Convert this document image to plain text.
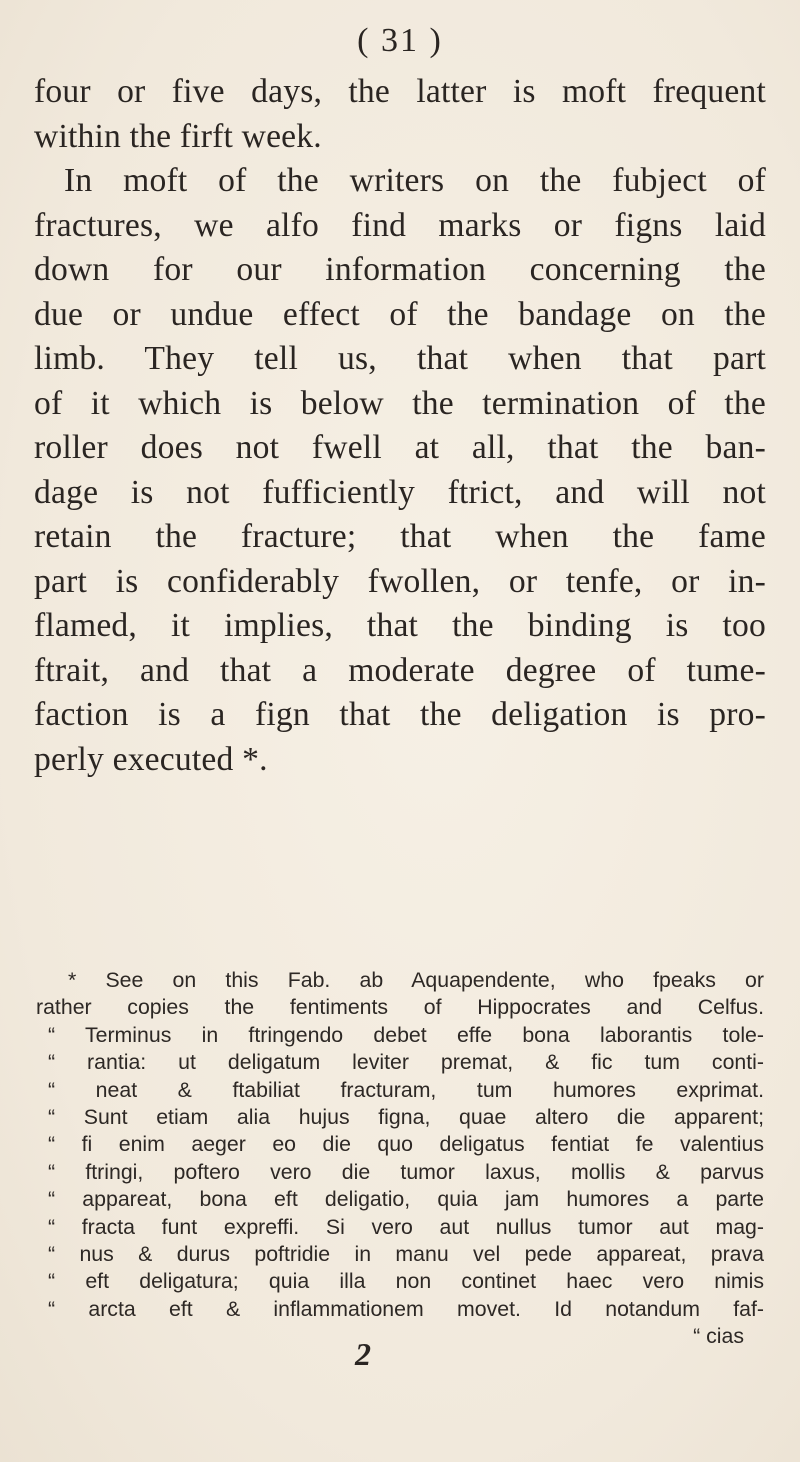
( 31 )
four or five days, the latter is moft frequent
within the firft week.
In moft of the writers on the fubject of
fractures, we alfo find marks or figns laid
down for our information concerning the
due or undue effect of the bandage on the
limb. They tell us, that when that part
of it which is below the termination of the
roller does not fwell at all, that the ban-
dage is not fufficiently ftrict, and will not
retain the fracture; that when the fame
part is confiderably fwollen, or tenfe, or in-
flamed, it implies, that the binding is too
ftrait, and that a moderate degree of tume-
faction is a fign that the deligation is pro-
perly executed *.
* See on this Fab. ab Aquapendente, who fpeaks or
rather copies the fentiments of Hippocrates and Celfus.
“ Terminus in ftringendo debet effe bona laborantis tole-
“ rantia: ut deligatum leviter premat, & fic tum conti-
“ neat & ftabiliat fracturam, tum humores exprimat.
“ Sunt etiam alia hujus figna, quae altero die apparent;
“ fi enim aeger eo die quo deligatus fentiat fe valentius
“ ftringi, poftero vero die tumor laxus, mollis & parvus
“ appareat, bona eft deligatio, quia jam humores a parte
“ fracta funt expreffi. Si vero aut nullus tumor aut mag-
“ nus & durus poftridie in manu vel pede appareat, prava
“ eft deligatura; quia illa non continet haec vero nimis
“ arcta eft & inflammationem movet. Id notandum faf-
“ cias
2
